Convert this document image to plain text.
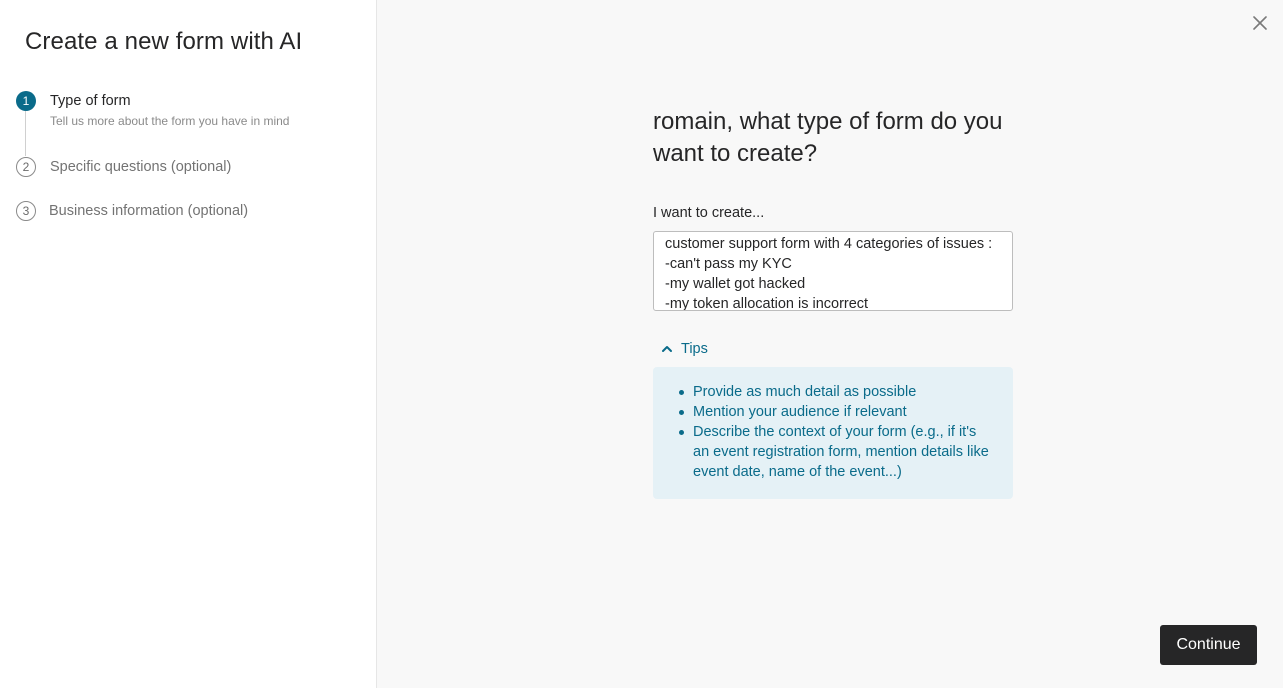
Create a new form with AI
1	Type of form
Tell us more about the form you have in mind
2	Specific questions (optional)
3	Business information (optional)
romain, what type of form do you want to create?
I want to create...
customer support form with 4 categories of issues : -can't pass my KYC -my wallet got hacked -my token allocation is incorrect
Tips
Provide as much detail as possible
Mention your audience if relevant
Describe the context of your form (e.g., if it's an event registration form, mention details like event date, name of the event...)
Continue
